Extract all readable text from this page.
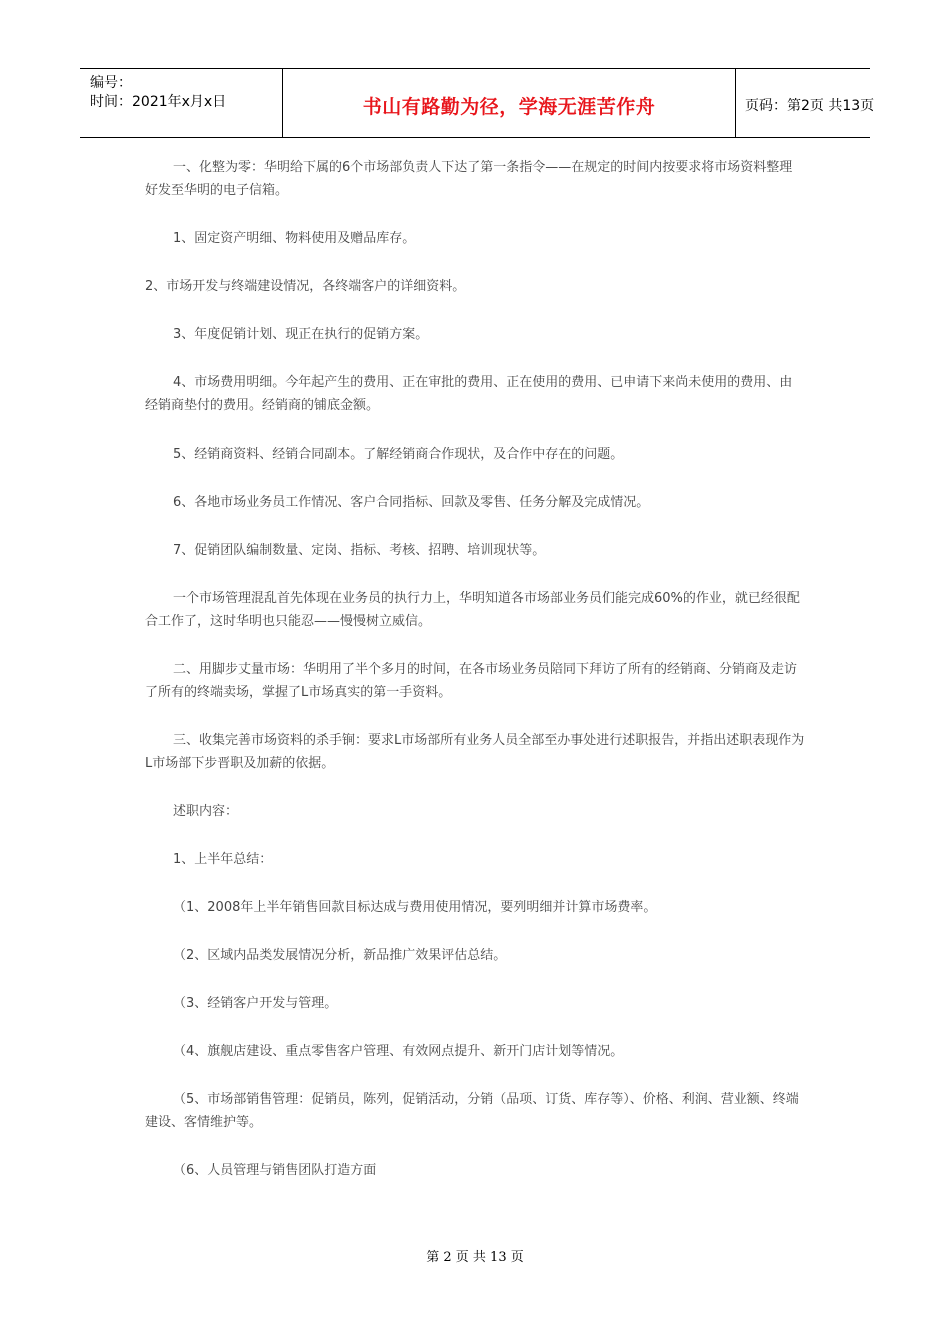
编号：
时间：2021年x月x日	书山有路勤为径，学海无涯苦作舟	页码：第2页 共13页

一、化整为零：华明给下属的6个市场部负责人下达了第一条指令——在规定的时间内按要求将市场资料整理好发至华明的电子信箱。

1、固定资产明细、物料使用及赠品库存。

2、市场开发与终端建设情况，各终端客户的详细资料。

3、年度促销计划、现正在执行的促销方案。

4、市场费用明细。今年起产生的费用、正在审批的费用、正在使用的费用、已申请下来尚未使用的费用、由经销商垫付的费用。经销商的铺底金额。

5、经销商资料、经销合同副本。了解经销商合作现状，及合作中存在的问题。

6、各地市场业务员工作情况、客户合同指标、回款及零售、任务分解及完成情况。

7、促销团队编制数量、定岗、指标、考核、招聘、培训现状等。

一个市场管理混乱首先体现在业务员的执行力上，华明知道各市场部业务员们能完成60%的作业，就已经很配合工作了，这时华明也只能忍——慢慢树立威信。

二、用脚步丈量市场：华明用了半个多月的时间，在各市场业务员陪同下拜访了所有的经销商、分销商及走访了所有的终端卖场，掌握了L市场真实的第一手资料。

三、收集完善市场资料的杀手锏：要求L市场部所有业务人员全部至办事处进行述职报告，并指出述职表现作为L市场部下步晋职及加薪的依据。

述职内容：

1、上半年总结：

（1、2008年上半年销售回款目标达成与费用使用情况，要列明细并计算市场费率。

（2、区域内品类发展情况分析，新品推广效果评估总结。

（3、经销客户开发与管理。

（4、旗舰店建设、重点零售客户管理、有效网点提升、新开门店计划等情况。

（5、市场部销售管理：促销员，陈列，促销活动，分销（品项、订货、库存等）、价格、利润、营业额、终端建设、客情维护等。

（6、人员管理与销售团队打造方面

第 2 页 共 13 页
